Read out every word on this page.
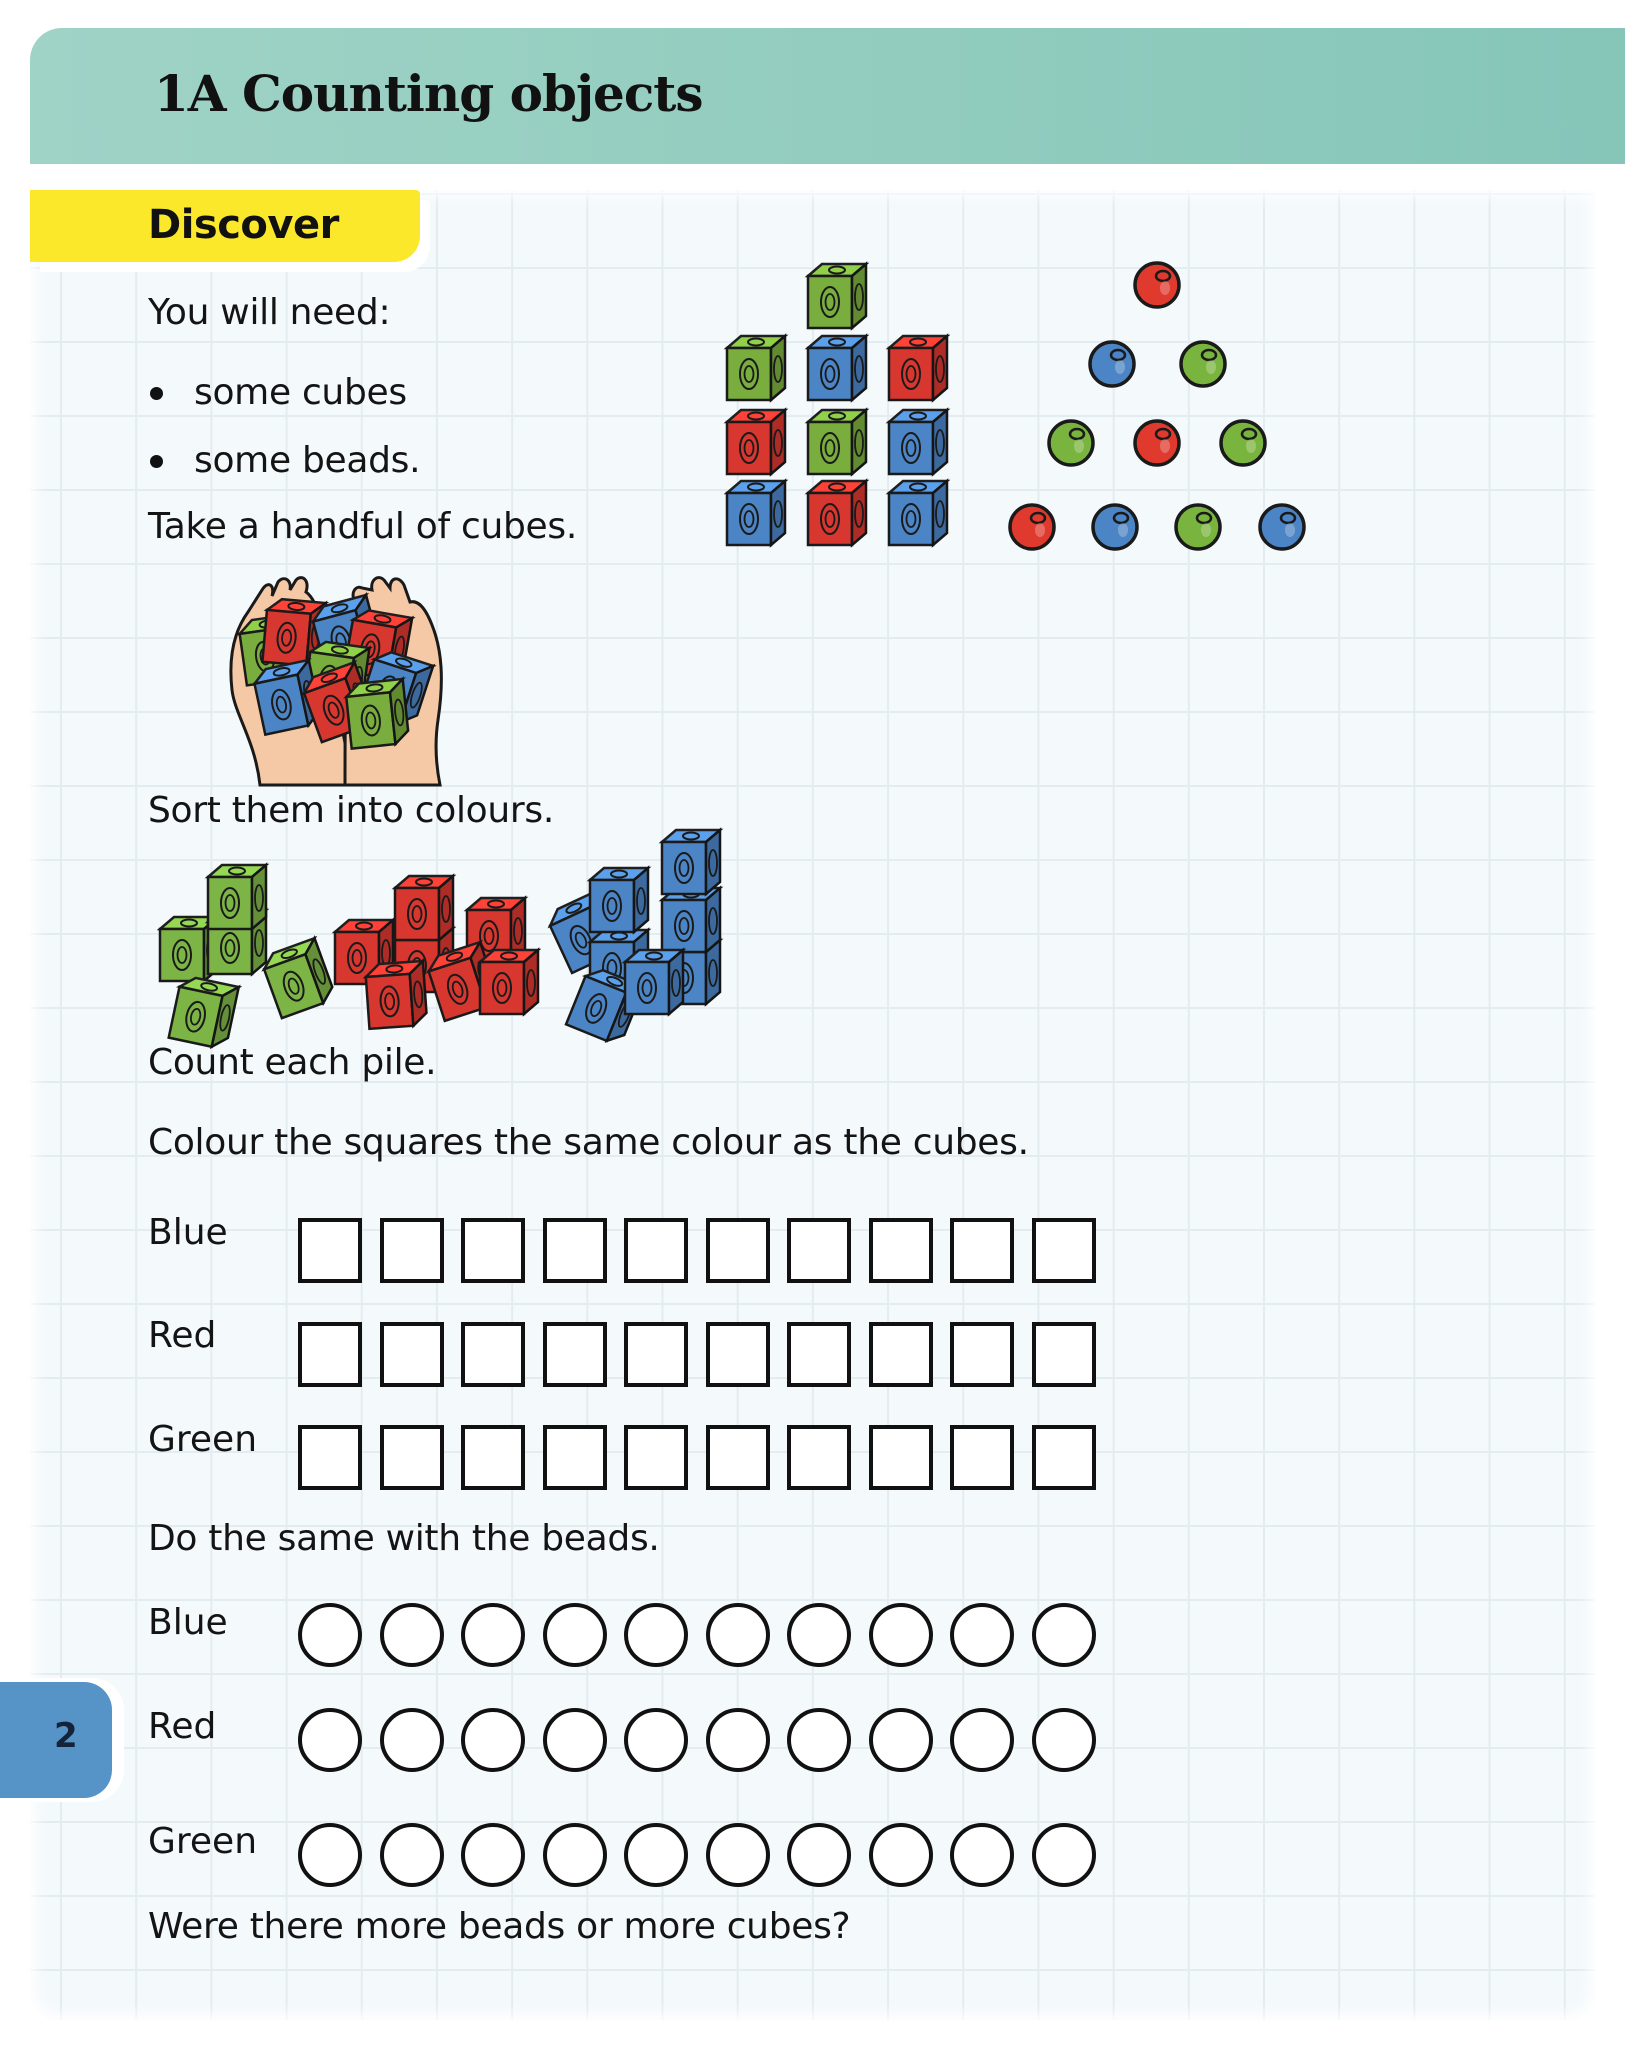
1A Counting objects
Discover
You will need:
some cubes
some beads.
Take a handful of cubes.
Sort them into colours.
Count each pile.
Colour the squares the same colour as the cubes.
Blue
Red
Green
Do the same with the beads.
Blue
Red
Green
Were there more beads or more cubes?
2
